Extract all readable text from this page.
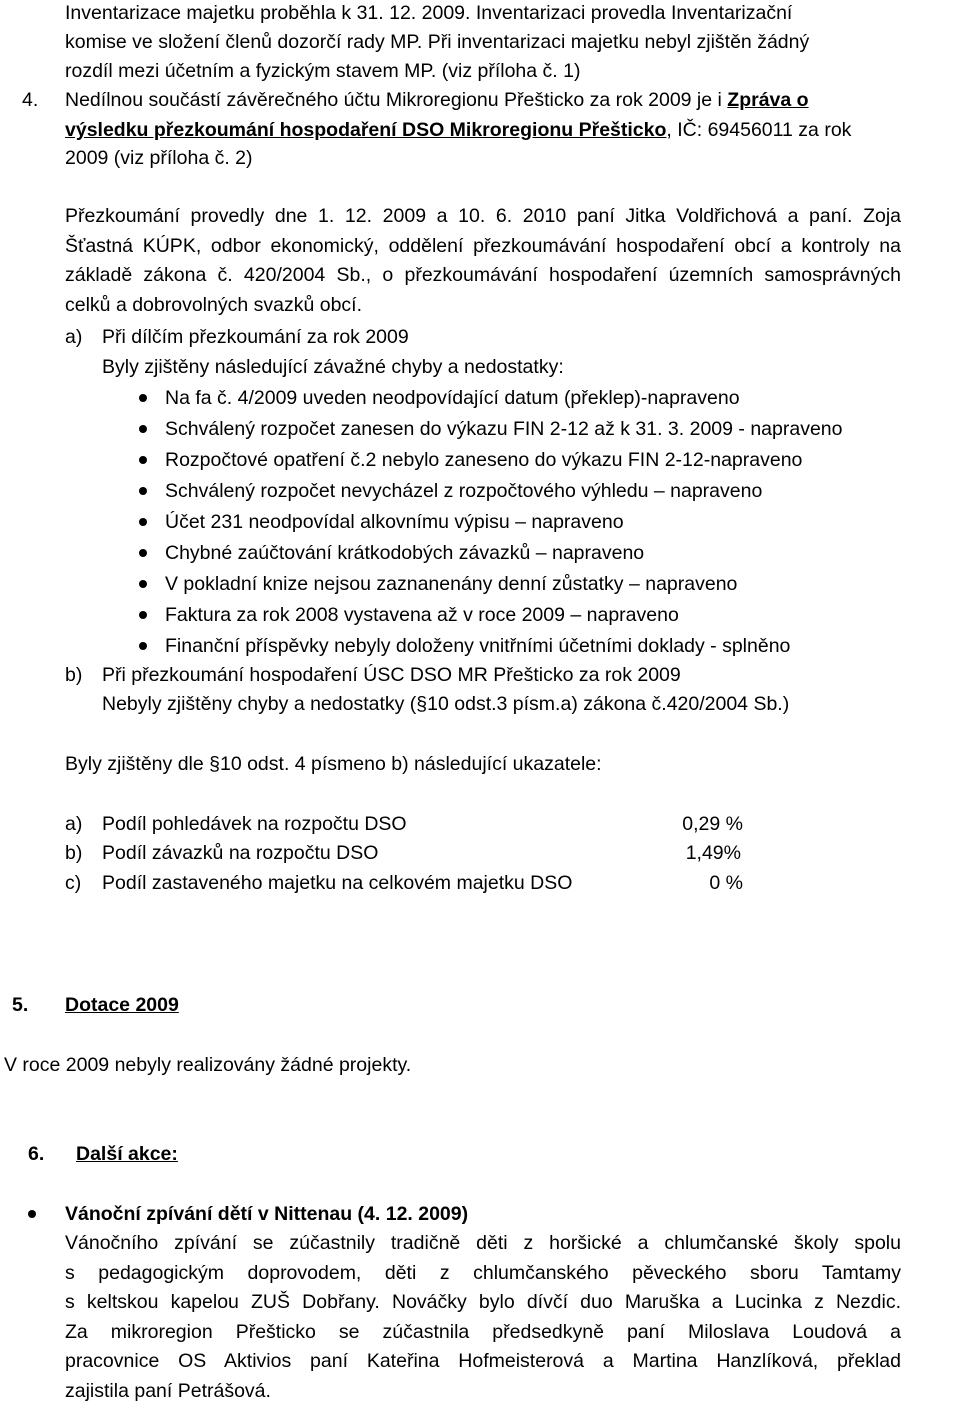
Inventarizace majetku proběhla k 31. 12. 2009. Inventarizaci provedla Inventarizační
komise ve složení členů dozorčí rady MP. Při inventarizaci majetku nebyl zjištěn žádný
rozdíl mezi účetním a fyzickým stavem MP. (viz příloha č. 1)
4. Nedílnou součástí závěrečného účtu Mikroregionu Přešticko za rok 2009 je i Zpráva o
výsledku přezkoumání hospodaření DSO Mikroregionu Přešticko, IČ: 69456011 za rok
2009 (viz příloha č. 2)
Přezkoumání provedly dne 1. 12. 2009 a 10. 6. 2010 paní Jitka Voldřichová a paní. Zoja
Šťastná KÚPK, odbor ekonomický, oddělení přezkoumávání hospodaření obcí a kontroly na
základě zákona č. 420/2004 Sb., o přezkoumávání hospodaření územních samosprávných
celků a dobrovolných svazků obcí.
a) Při dílčím přezkoumání za rok 2009
Byly zjištěny následující závažné chyby a nedostatky:
Na fa č. 4/2009 uveden neodpovídající datum (překlep)-napraveno
Schválený rozpočet zanesen do výkazu FIN 2-12 až k 31. 3. 2009 - napraveno
Rozpočtové opatření č.2 nebylo zaneseno do výkazu FIN 2-12-napraveno
Schválený rozpočet nevycházel z rozpočtového výhledu – napraveno
Účet 231 neodpovídal alkovnímu výpisu – napraveno
Chybné zaúčtování krátkodobých závazků – napraveno
V pokladní knize nejsou zaznanenány denní zůstatky – napraveno
Faktura za rok 2008 vystavena až v roce 2009 – napraveno
Finanční příspěvky nebyly doloženy vnitřními účetními doklady - splněno
b) Při přezkoumání hospodaření ÚSC DSO MR Přešticko za rok 2009
Nebyly zjištěny chyby a nedostatky (§10 odst.3 písm.a) zákona č.420/2004 Sb.)
Byly zjištěny dle §10 odst. 4 písmeno b) následující ukazatele:
a) Podíl pohledávek na rozpočtu DSO	0,29 %
b) Podíl závazků na rozpočtu DSO	1,49%
c) Podíl zastaveného majetku na celkovém majetku DSO	0 %
5. Dotace 2009
V roce 2009 nebyly realizovány žádné projekty.
6. Další akce:
Vánoční zpívání dětí v Nittenau (4. 12. 2009)
Vánočního zpívání se zúčastnily tradičně děti z horšické a chlumčanské školy spolu
s pedagogickým doprovodem, děti z chlumčanského pěveckého sboru Tamtamy
s keltskou kapelou ZUŠ Dobřany. Nováčky bylo dívčí duo Maruška a Lucinka z Nezdic.
Za mikroregion Přešticko se zúčastnila předsedkyně paní Miloslava Loudová a
pracovnice OS Aktivios paní Kateřina Hofmeisterová a Martina Hanzlíková, překlad
zajistila paní Petrášová.
